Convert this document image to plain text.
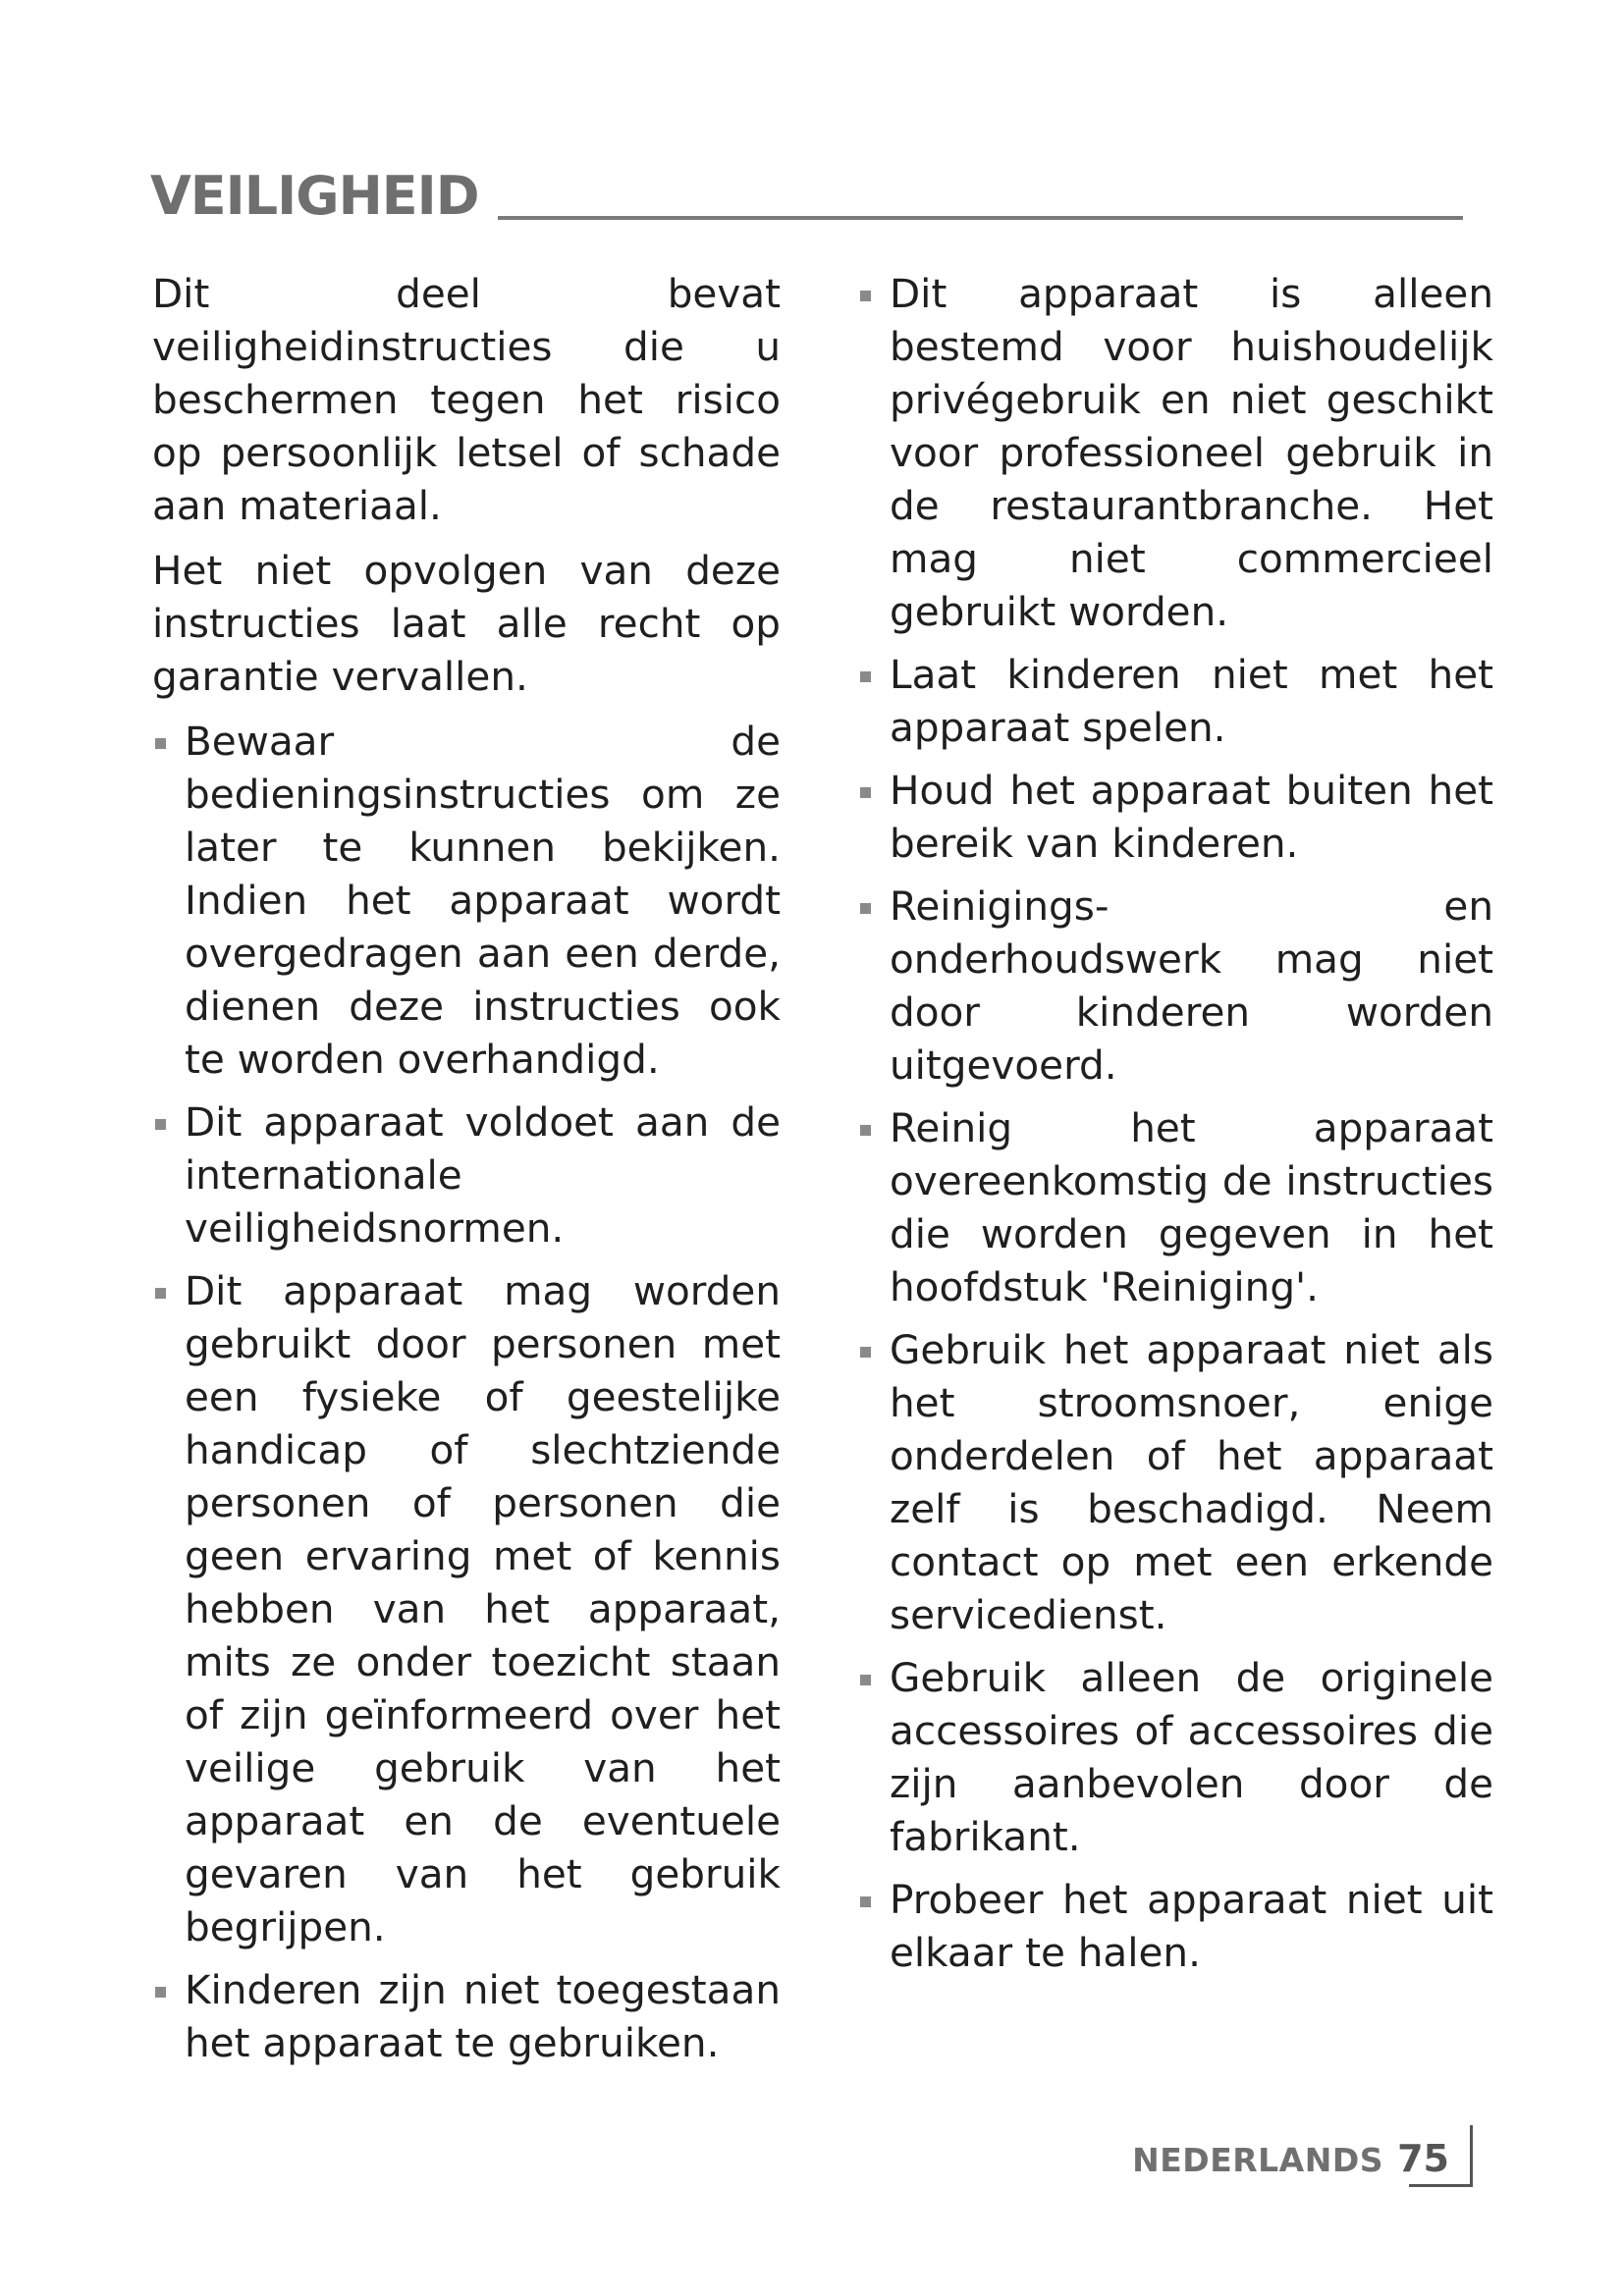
VEILIGHEID

Dit deel bevat veiligheidinstructies die u beschermen tegen het risico op persoonlijk letsel of schade aan materiaal.

Het niet opvolgen van deze instructies laat alle recht op garantie vervallen.

Bewaar de bedieningsinstructies om ze later te kunnen bekijken. Indien het apparaat wordt overgedragen aan een derde, dienen deze instructies ook te worden overhandigd.
Dit apparaat voldoet aan de internationale veiligheidsnormen.
Dit apparaat mag worden gebruikt door personen met een fysieke of geestelijke handicap of slechtziende personen of personen die geen ervaring met of kennis hebben van het apparaat, mits ze onder toezicht staan of zijn geïnformeerd over het veilige gebruik van het apparaat en de eventuele gevaren van het gebruik begrijpen.
Kinderen zijn niet toegestaan het apparaat te gebruiken.
Dit apparaat is alleen bestemd voor huishoudelijk privégebruik en niet geschikt voor professioneel gebruik in de restaurantbranche. Het mag niet commercieel gebruikt worden.
Laat kinderen niet met het apparaat spelen.
Houd het apparaat buiten het bereik van kinderen.
Reinigings- en onderhoudswerk mag niet door kinderen worden uitgevoerd.
Reinig het apparaat overeenkomstig de instructies die worden gegeven in het hoofdstuk 'Reiniging'.
Gebruik het apparaat niet als het stroomsnoer, enige onderdelen of het apparaat zelf is beschadigd. Neem contact op met een erkende servicedienst.
Gebruik alleen de originele accessoires of accessoires die zijn aanbevolen door de fabrikant.
Probeer het apparaat niet uit elkaar te halen.
NEDERLANDS 75
